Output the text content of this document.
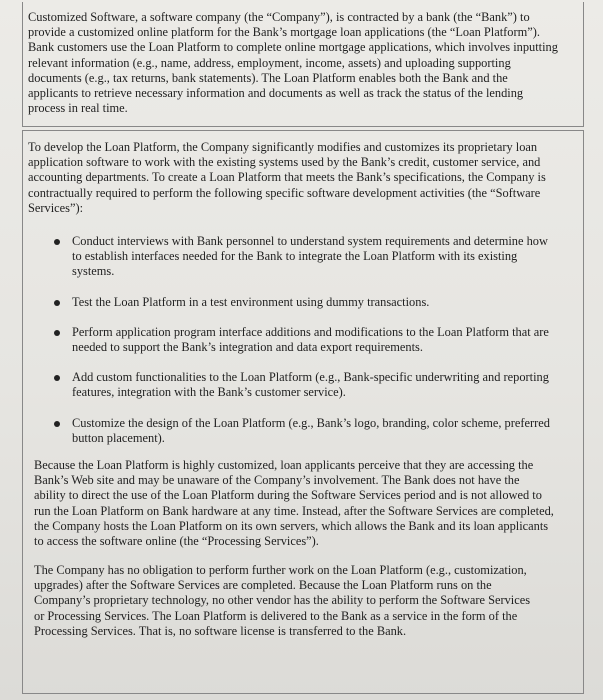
Customized Software, a software company (the “Company”), is contracted by a bank (the “Bank”) to provide a customized online platform for the Bank’s mortgage loan applications (the “Loan Platform”). Bank customers use the Loan Platform to complete online mortgage applications, which involves inputting relevant information (e.g., name, address, employment, income, assets) and uploading supporting documents (e.g., tax returns, bank statements). The Loan Platform enables both the Bank and the applicants to retrieve necessary information and documents as well as track the status of the lending process in real time.

To develop the Loan Platform, the Company significantly modifies and customizes its proprietary loan application software to work with the existing systems used by the Bank’s credit, customer service, and accounting departments. To create a Loan Platform that meets the Bank’s specifications, the Company is contractually required to perform the following specific software development activities (the “Software Services”):

Conduct interviews with Bank personnel to understand system requirements and determine how to establish interfaces needed for the Bank to integrate the Loan Platform with its existing systems.
Test the Loan Platform in a test environment using dummy transactions.
Perform application program interface additions and modifications to the Loan Platform that are needed to support the Bank’s integration and data export requirements.
Add custom functionalities to the Loan Platform (e.g., Bank-specific underwriting and reporting features, integration with the Bank’s customer service).
Customize the design of the Loan Platform (e.g., Bank’s logo, branding, color scheme, preferred button placement).

Because the Loan Platform is highly customized, loan applicants perceive that they are accessing the Bank’s Web site and may be unaware of the Company’s involvement. The Bank does not have the ability to direct the use of the Loan Platform during the Software Services period and is not allowed to run the Loan Platform on Bank hardware at any time. Instead, after the Software Services are completed, the Company hosts the Loan Platform on its own servers, which allows the Bank and its loan applicants to access the software online (the “Processing Services”).

The Company has no obligation to perform further work on the Loan Platform (e.g., customization, upgrades) after the Software Services are completed. Because the Loan Platform runs on the Company’s proprietary technology, no other vendor has the ability to perform the Software Services or Processing Services. The Loan Platform is delivered to the Bank as a service in the form of the Processing Services. That is, no software license is transferred to the Bank.
